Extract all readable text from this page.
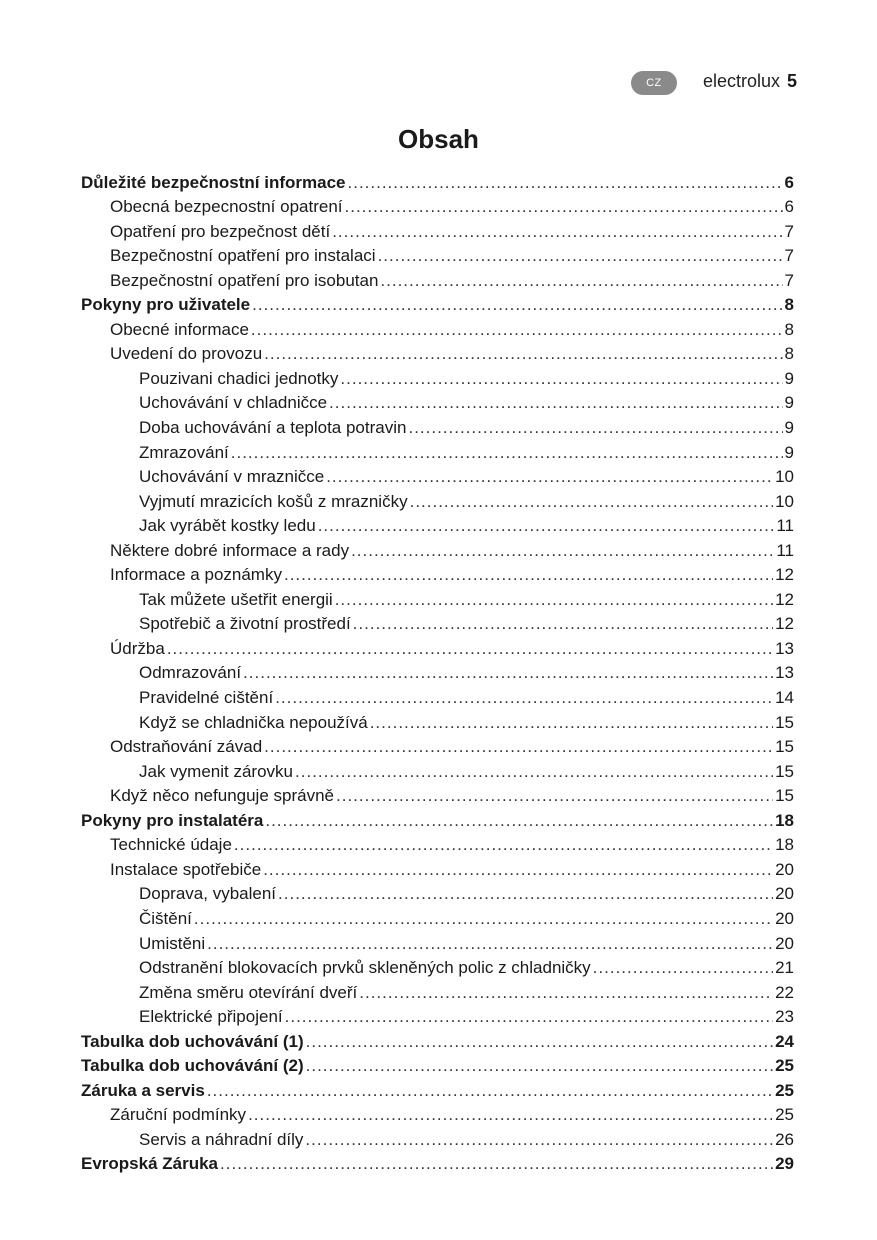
CZ	electrolux 5
Obsah
Důležité bezpečnostní informace .....	6
Obecná bezpecnostní opatrení .....	6
Opatření pro bezpečnost dětí .....	7
Bezpečnostní opatření pro instalaci .....	7
Bezpečnostní opatření pro isobutan .....	7
Pokyny pro uživatele .....	8
Obecné informace .....	8
Uvedení do provozu .....	8
Pouzivani chadici jednotky .....	9
Uchovávání v chladničce .....	9
Doba uchovávání a teplota potravin .....	9
Zmrazování .....	9
Uchovávání v mrazničce .....	10
Vyjmutí mrazicích košů z mrazničky .....	10
Jak vyrábět kostky ledu .....	11
Některe dobré informace a rady .....	11
Informace a poznámky .....	12
Tak můžete ušetřit energii .....	12
Spotřebič a životní prostředí .....	12
Údržba .....	13
Odmrazování .....	13
Pravidelné cištění .....	14
Když se chladnička nepoužívá .....	15
Odstraňování závad .....	15
Jak vymenit zárovku .....	15
Když něco nefunguje správně .....	15
Pokyny pro instalatéra .....	18
Technické údaje .....	18
Instalace spotřebiče .....	20
Doprava, vybalení .....	20
Čištění .....	20
Umistěni .....	20
Odstranění blokovacích prvků skleněných polic z chladničky .....	21
Změna směru otevírání dveří .....	22
Elektrické připojení .....	23
Tabulka dob uchovávání (1) .....	24
Tabulka dob uchovávání (2) .....	25
Záruka a servis .....	25
Záruční podmínky .....	25
Servis a náhradní díly .....	26
Evropská Záruka .....	29
